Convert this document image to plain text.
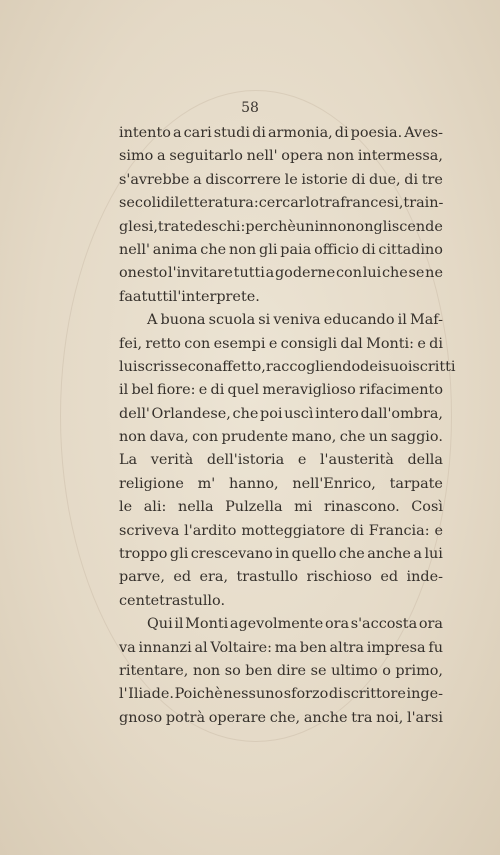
58
intento a cari studi di armonia, di poesia. Aves-
simo a seguitarlo nell' opera non intermessa,
s'avrebbe a discorrere le istorie di due, di tre
secoli di letteratura: cercarlo tra francesi, tra in-
glesi, tra tedeschi: perchè un inno non gli scende
nell' anima che non gli paia officio di cittadino
onesto l'invitare tutti a goderne con lui che se ne
fa a tutti l'interprete.
A buona scuola si veniva educando il Maf-
fei, retto con esempi e consigli dal Monti: e di
lui scrisse con affetto, raccogliendo dei suoi scritti
il bel fiore: e di quel meraviglioso rifacimento
dell' Orlandese, che poi uscì intero dall'ombra,
non dava, con prudente mano, che un saggio.
La verità dell'istoria e l'austerità della
religione m' hanno, nell'Enrico, tarpate
le ali: nella Pulzella mi rinascono. Così
scriveva l'ardito motteggiatore di Francia: e
troppo gli crescevano in quello che anche a lui
parve, ed era, trastullo rischioso ed inde-
cente trastullo.
Qui il Monti agevolmente ora s'accosta ora
va innanzi al Voltaire: ma ben altra impresa fu
ritentare, non so ben dire se ultimo o primo,
l' Iliade. Poichè nessuno sforzo di scrittore inge-
gnoso potrà operare che, anche tra noi, l'arsi
